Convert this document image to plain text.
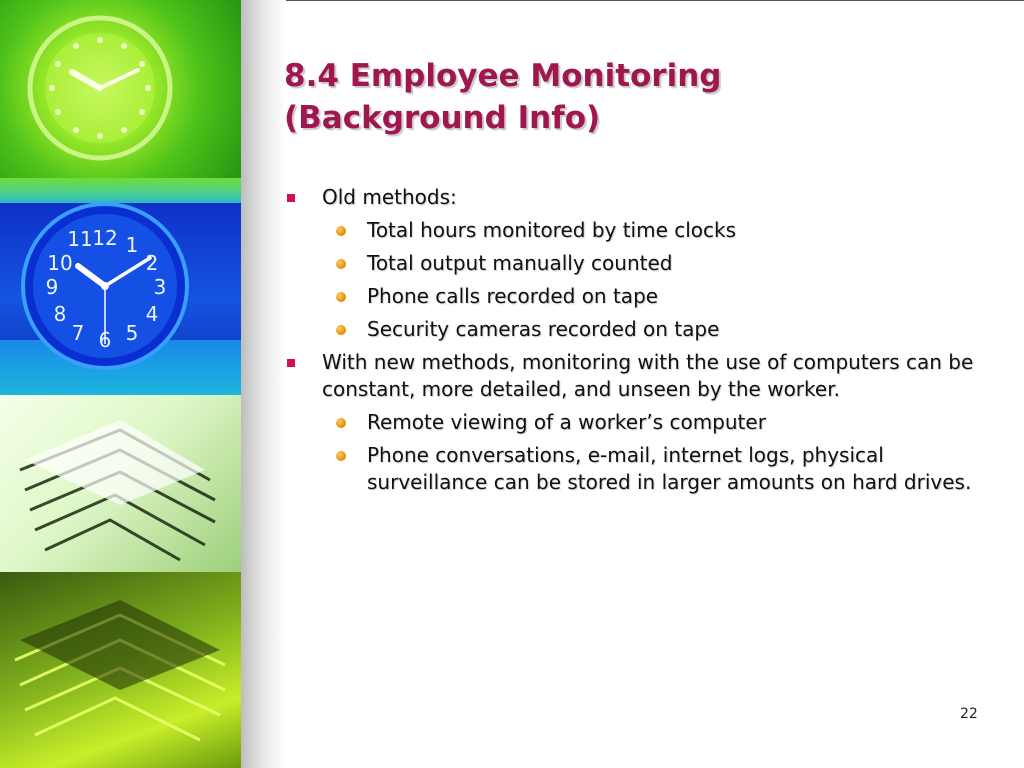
12 1
2
3
4
5
6
7
8
9
10
11
8.4 Employee Monitoring
(Background Info)
Old methods:
Total hours monitored by time clocks
Total output manually counted
Phone calls recorded on tape
Security cameras recorded on tape
With new methods, monitoring with the use of computers can be constant, more detailed, and unseen by the worker.
Remote viewing of a worker’s computer
Phone conversations, e-mail, internet logs, physical surveillance can be stored in larger amounts on hard drives.
22
